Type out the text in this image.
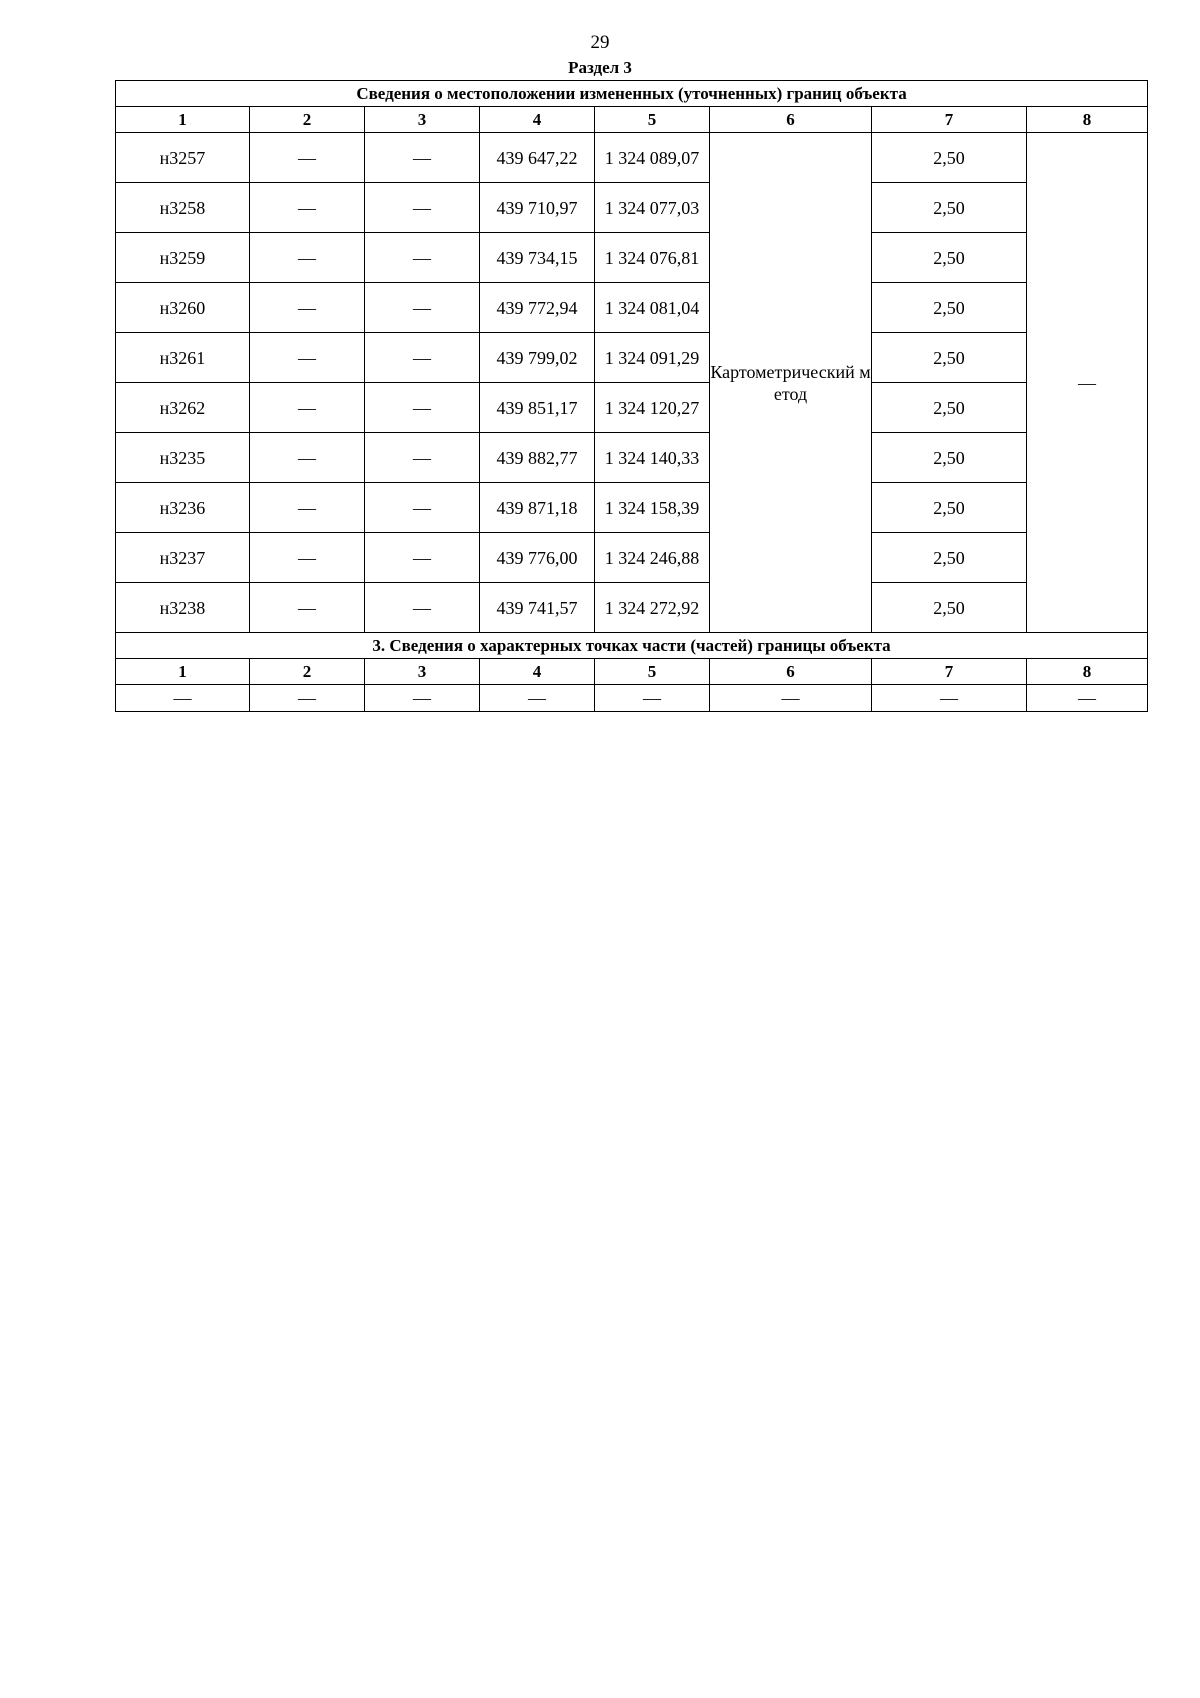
29
Раздел 3
Сведения о местоположении измененных (уточненных) границ объекта							
1	2	3	4	5	6	7	8
н3257	—	—	439 647,22	1 324 089,07	Картометрический метод	2,50	—
н3258	—	—	439 710,97	1 324 077,03		2,50	
н3259	—	—	439 734,15	1 324 076,81		2,50	
н3260	—	—	439 772,94	1 324 081,04		2,50	
н3261	—	—	439 799,02	1 324 091,29		2,50	
н3262	—	—	439 851,17	1 324 120,27		2,50	
н3235	—	—	439 882,77	1 324 140,33		2,50	
н3236	—	—	439 871,18	1 324 158,39		2,50	
н3237	—	—	439 776,00	1 324 246,88		2,50	
н3238	—	—	439 741,57	1 324 272,92		2,50	
3. Сведения о характерных точках части (частей) границы объекта							
1	2	3	4	5	6	7	8
—	—	—	—	—	—	—	—
